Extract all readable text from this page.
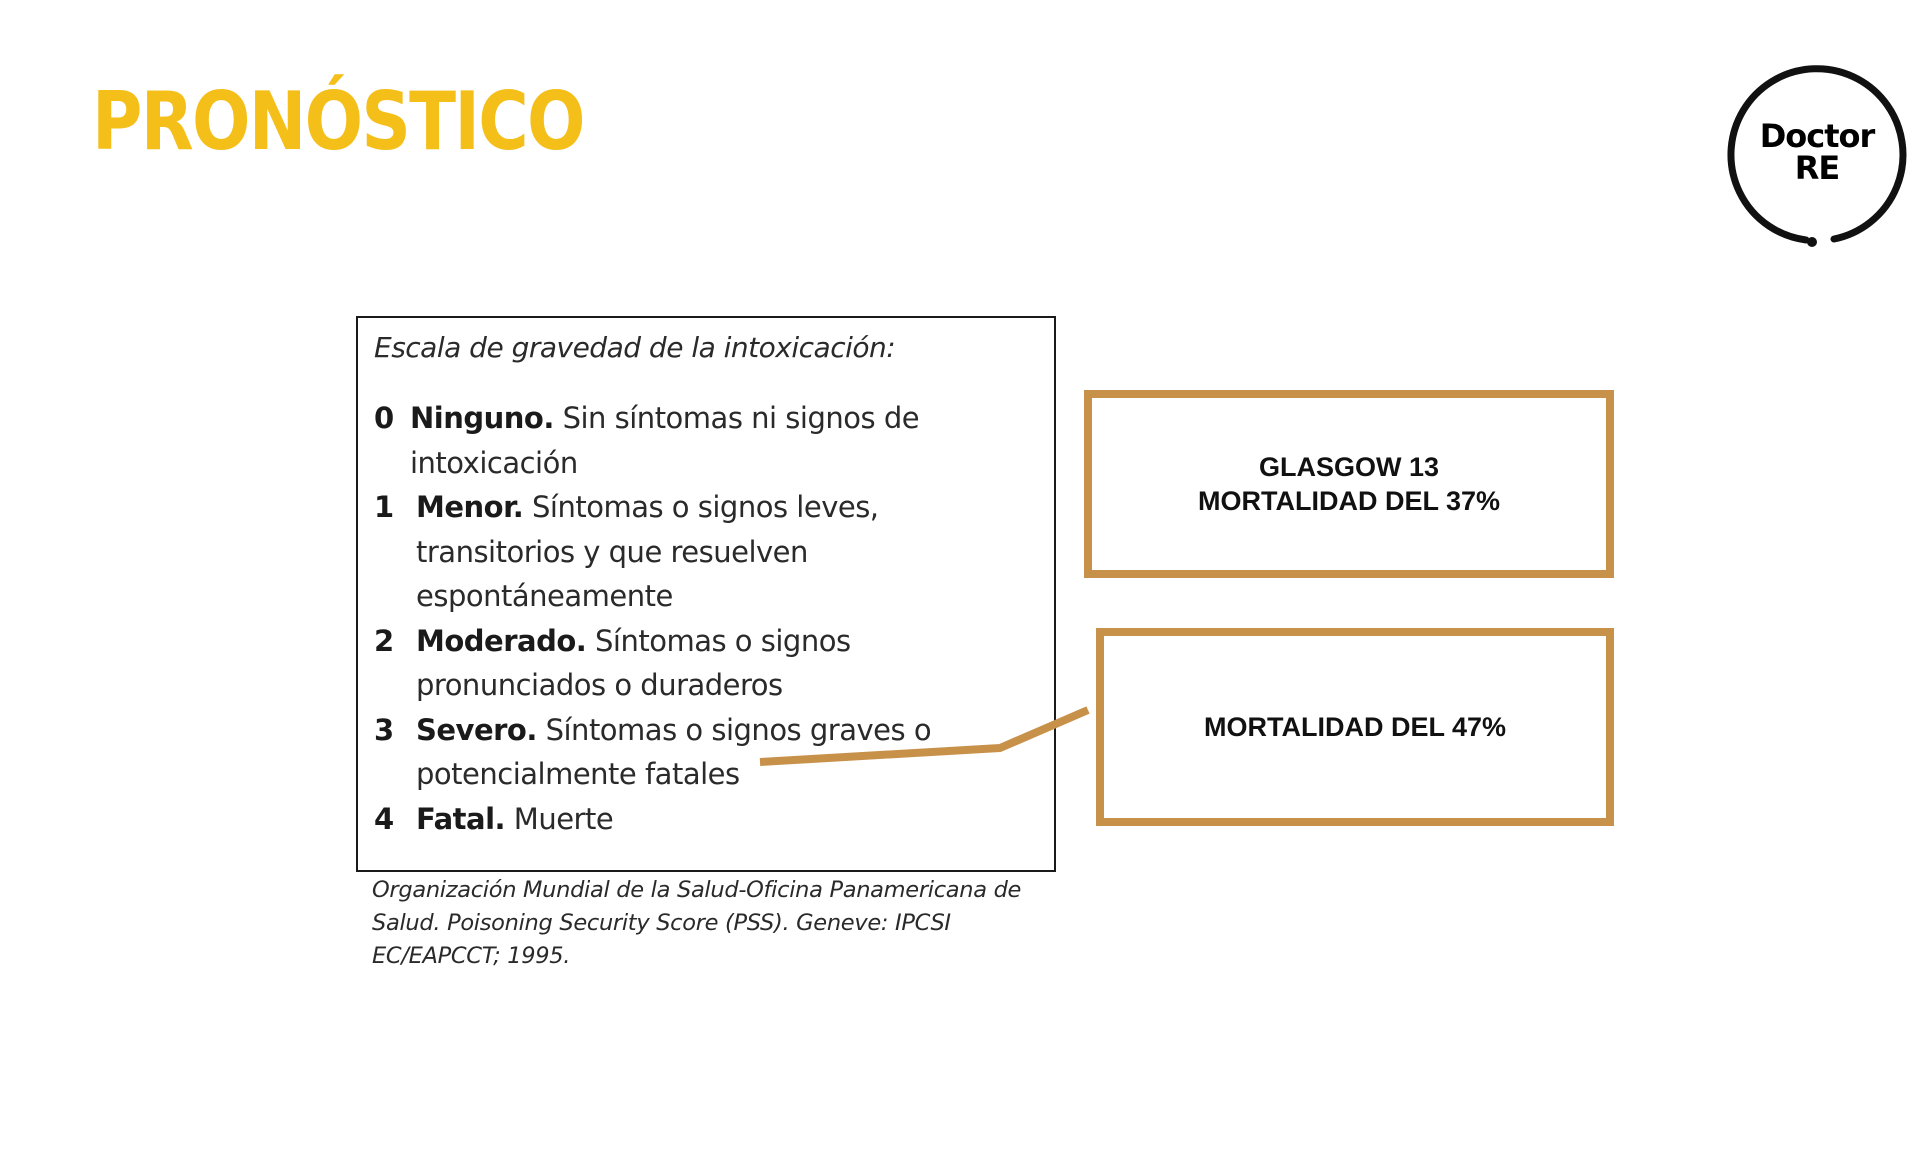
PRONÓSTICO	Doctor
RE
Escala de gravedad de la intoxicación:
0 Ninguno. Sin síntomas ni signos de intoxicación
1 Menor. Síntomas o signos leves, transitorios y que resuelven espontáneamente
2 Moderado. Síntomas o signos pronunciados o duraderos
3 Severo. Síntomas o signos graves o potencialmente fatales
4 Fatal. Muerte

Organización Mundial de la Salud-Oficina Panamericana de Salud. Poisoning Security Score (PSS). Geneve: IPCSI EC/EAPCCT; 1995.

GLASGOW 13
MORTALIDAD DEL 37%
MORTALIDAD DEL 47%
